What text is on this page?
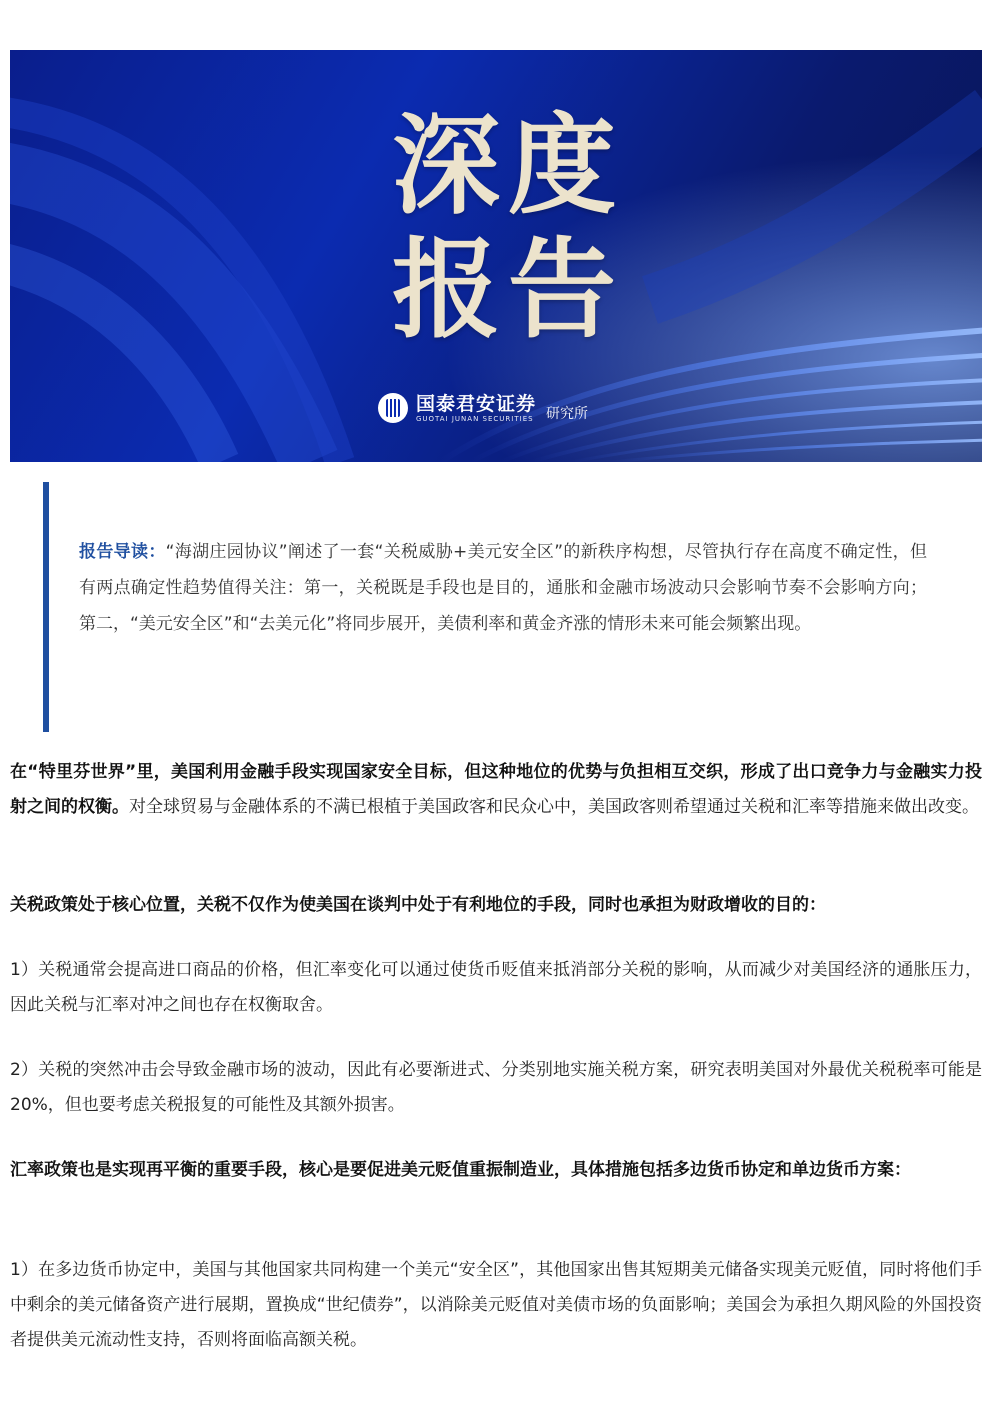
深度
报告
国泰君安证券
GUOTAI JUNAN SECURITIES 研究所
报告导读：“海湖庄园协议”阐述了一套“关税威胁+美元安全区”的新秩序构想，尽管执行存在高度不确定性，但有两点确定性趋势值得关注：第一，关税既是手段也是目的，通胀和金融市场波动只会影响节奏不会影响方向；第二，“美元安全区”和“去美元化”将同步展开，美债利率和黄金齐涨的情形未来可能会频繁出现。

在“特里芬世界”里，美国利用金融手段实现国家安全目标，但这种地位的优势与负担相互交织，形成了出口竞争力与金融实力投射之间的权衡。对全球贸易与金融体系的不满已根植于美国政客和民众心中，美国政客则希望通过关税和汇率等措施来做出改变。

关税政策处于核心位置，关税不仅作为使美国在谈判中处于有利地位的手段，同时也承担为财政增收的目的：

1）关税通常会提高进口商品的价格，但汇率变化可以通过使货币贬值来抵消部分关税的影响，从而减少对美国经济的通胀压力，因此关税与汇率对冲之间也存在权衡取舍。

2）关税的突然冲击会导致金融市场的波动，因此有必要渐进式、分类别地实施关税方案，研究表明美国对外最优关税税率可能是20%，但也要考虑关税报复的可能性及其额外损害。

汇率政策也是实现再平衡的重要手段，核心是要促进美元贬值重振制造业，具体措施包括多边货币协定和单边货币方案：

1）在多边货币协定中，美国与其他国家共同构建一个美元“安全区”，其他国家出售其短期美元储备实现美元贬值，同时将他们手中剩余的美元储备资产进行展期，置换成“世纪债券”，以消除美元贬值对美债市场的负面影响；美国会为承担久期风险的外国投资者提供美元流动性支持，否则将面临高额关税。
